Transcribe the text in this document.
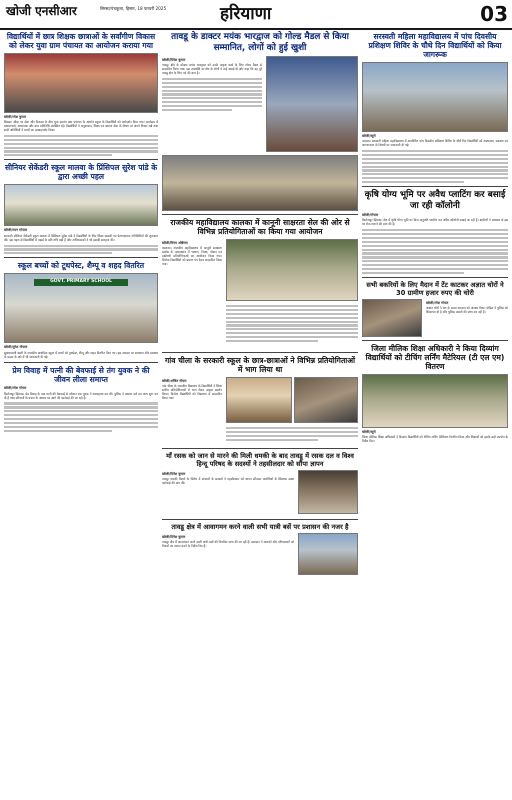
खोजी एनसीआर	सिरसा/पंचकूला, हिसार, 18 फरवरी 2025	हरियाणा	03
विद्यार्थियों में छात्र शिक्षक छात्राओं के सर्वांगीण विकास को लेकर युवा ग्राम पंचायत का आयोजन कराया गया
खोजी/रमेश कुमार
सिरसा। सीमा पर सेवा और विकास के बीच युवा सरपंच ग्राम पंचायत के अंतर्गत स्कूल के विद्यार्थियों को मार्गदर्शन दिया गया। कार्यक्रम में प्रधानाचार्य, अध्यापक और ग्राम प्रतिनिधि उपस्थित रहे। विद्यार्थियों ने अनुशासन, शिक्षा एवं समाज सेवा के विषय पर अपने विचार रखे तथा सभी अतिथियों ने बच्चों का उत्साहवर्धन किया।
सीनियर सेकेंडरी स्कूल मालवा के प्रिंसिपल सुरेश पांडे के द्वारा अच्छी पहल
खोजी/मदन गोपाल
सरकारी सीनियर सेकेंडरी स्कूल मालवा में प्रिंसिपल सुरेश पांडे ने विद्यार्थियों के लिए शिक्षा सामग्री एवं प्रेरणादायक गतिविधियों की शुरुआत की। इस पहल से विद्यार्थियों में पढ़ाई के प्रति रुचि बढ़ी है और अभिभावकों ने भी इसकी सराहना की।
स्कूल बच्चों को टूथपेस्ट, शैम्पू व शहद वितरित
GOVT. PRIMARY SCHOOL
खोजी/सुरेश गोपाल
सुथारावाली बस्ती के राजकीय प्राथमिक स्कूल में बच्चों को टूथपेस्ट, शैम्पू और शहद वितरित किए गए। इस अवसर पर स्वच्छता और स्वास्थ्य के महत्व के बारे में भी जानकारी दी गई।
प्रेम विवाह में पत्नी की बेवफाई से तंग युवक ने की जीवन लीला समाप्त
खोजी/रमेश गोयल
फिरोजपुर झिरका। प्रेम विवाह के बाद पत्नी की बेवफाई से परेशान एक युवक ने आत्महत्या कर ली। पुलिस ने मामला दर्ज कर जांच शुरू कर दी है तथा परिजनों के बयान के आधार पर आगे की कार्रवाई की जा रही है।
तावडू के डाक्टर मयंक भारद्वाज को गोल्ड मैडल से किया सम्मानित, लोगों को हुई खुशी
खोजी/दिनेश कुमार
तावडू। क्षेत्र के डॉक्टर मयंक भारद्वाज को उनके उत्कृष्ट कार्य के लिए गोल्ड मैडल से सम्मानित किया गया। इस उपलब्धि पर क्षेत्र के लोगों ने उन्हें बधाई दी और कहा कि यह पूरे तावडू क्षेत्र के लिए गर्व की बात है।
राजकीय महाविद्यालय कालका में कानूनी साक्षरता सेल की ओर से विभिन्न प्रतियोगिताओं का किया गया आयोजन
खोजी/विनय ओबेराय
कालका। राजकीय महाविद्यालय में कानूनी साक्षरता प्रकोष्ठ के तत्वावधान में भाषण, निबंध, पोस्टर एवं प्रश्नोत्तरी प्रतियोगिताओं का आयोजन किया गया। विजेता विद्यार्थियों को प्रमाण पत्र देकर सम्मानित किया गया।
गांव चीला के सरकारी स्कूल के छात्र-छात्राओं ने विभिन्न प्रतियोगिताओं में भाग लिया था
खोजी/अजित गोयल
गांव चीला के राजकीय विद्यालय के विद्यार्थियों ने जिला स्तरीय प्रतियोगिताओं में भाग लेकर उत्कृष्ट प्रदर्शन किया। विजेता विद्यार्थियों को विद्यालय में सम्मानित किया गया।
माँ रसक को जान से मारने की मिली धमकी के बाद तावडू में रसक दल व विश्व हिन्दू परिषद के सदस्यों ने तहसीलदार को सौंपा ज्ञापन
खोजी/दिनेश कुमार
तावडू। धमकी मिलने के विरोध में संगठनों के सदस्यों ने तहसीलदार को ज्ञापन सौंपकर आरोपियों के खिलाफ सख्त कार्रवाई की मांग की।
तावडू क्षेत्र में आवागमन करने वाली सभी यात्री बसें पर प्रशासन की नजर है
खोजी/दिनेश कुमार
तावडू। क्षेत्र में आवागमन करने वाली यात्री बसों की नियमित जांच की जा रही है। प्रशासन ने चालकों और परिचालकों को नियमों का पालन करने के निर्देश दिए हैं।
सरस्वती महिला महाविद्यालय में पांच दिवसीय प्रशिक्षण शिविर के चौथे दिन विद्यार्थियों को किया जागरूक
खोजी/ब्यूरो
पलवल। सरस्वती महिला महाविद्यालय में आयोजित पांच दिवसीय प्रशिक्षण शिविर के चौथे दिन विद्यार्थियों को आत्मरक्षा, स्वास्थ्य एवं जागरूकता के विषयों पर जानकारी दी गई।
कृषि योग्य भूमि पर अवैध प्लाटिंग कर बसाई जा रही कॉलोनी
खोजी/गोपाल
फिरोजपुर झिरका। क्षेत्र में कृषि योग्य भूमि पर बिना अनुमति प्लाटिंग कर अवैध कॉलोनी बसाई जा रही है। ग्रामीणों ने प्रशासन से इस पर रोक लगाने की मांग की है।
सभी बकरियों के लिए मैदान में टेंट काटकर अज्ञात चोरों ने 30 ग्रामीण हजार रुपए की चोरी
खोजी/रमेश गोयल
अज्ञात चोरों ने रात के समय वारदात को अंजाम दिया। पीड़ित ने पुलिस को शिकायत दी है और पुलिस मामले की जांच कर रही है।
जिला मीलिक शिक्षा अधिकारी ने किया दिव्यांग विद्यार्थियों को टीचिंग लर्निंग मैटेरियल (टी एल एम) वितरण
खोजी/ब्यूरो
जिला मौलिक शिक्षा अधिकारी ने दिव्यांग विद्यार्थियों को टीचिंग लर्निंग मैटेरियल वितरित किया और शिक्षकों को इसके सही उपयोग के निर्देश दिए।
